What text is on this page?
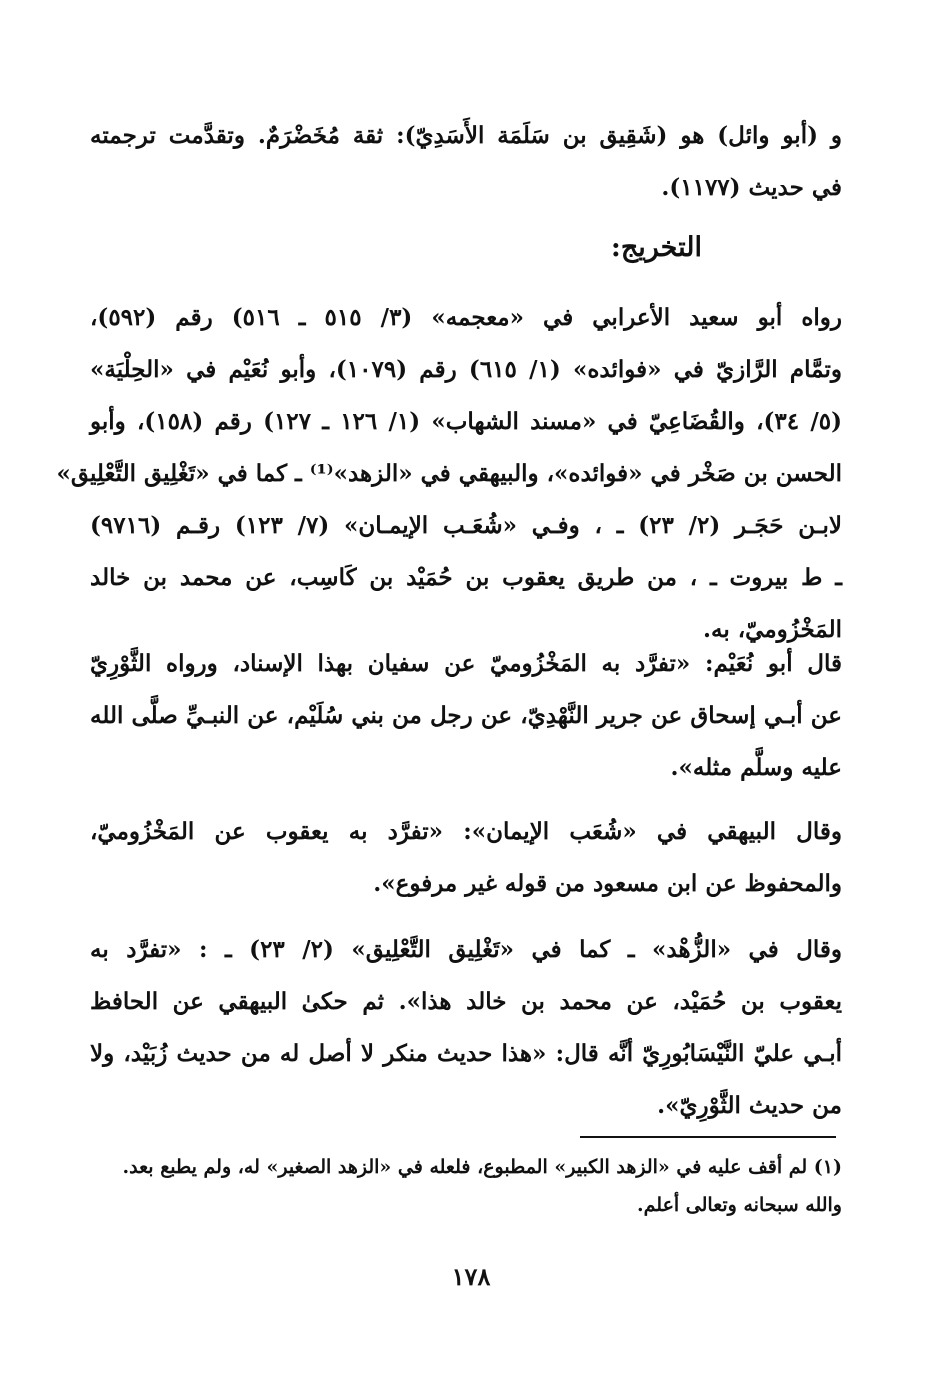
و (أبو وائل) هو (شَقِيق بن سَلَمَة الأَسَدِيّ): ثقة مُخَضْرَمٌ. وتقدَّمت ترجمته
في حديث (١١٧٧).

التخريج:

رواه أبو سعيد الأعرابي في «معجمه» (٣/ ٥١٥ ـ ٥١٦) رقم (٥٩٢)،
وتمَّام الرَّازيّ في «فوائده» (١/ ٦١٥) رقم (١٠٧٩)، وأبو نُعَيْم في «الحِلْيَة»
(٥/ ٣٤)، والقُضَاعِيّ في «مسند الشهاب» (١/ ١٢٦ ـ ١٢٧) رقم (١٥٨)، وأبو
الحسن بن صَخْر في «فوائده»، والبيهقي في «الزهد»⁽¹⁾ ـ كما في «تَغْلِيق التَّعْلِيق»
لابـن حَجَـر (٢/ ٢٣) ـ ، وفـي «شُعَـب الإيمـان» (٧/ ١٢٣) رقـم (٩٧١٦)
ـ ط بيروت ـ ، من طريق يعقوب بن حُمَيْد بن كَاسِب، عن محمد بن خالد
المَخْزُوميّ، به.

قال أبو نُعَيْم: «تفرَّد به المَخْزُوميّ عن سفيان بهذا الإسناد، ورواه الثَّوْرِيّ
عن أبـي إسحاق عن جرير النَّهْدِيّ، عن رجل من بني سُلَيْم، عن النبـيِّ صلَّى الله
عليه وسلَّم مثله».

وقال البيهقي في «شُعَب الإيمان»: «تفرَّد به يعقوب عن المَخْزُوميّ،
والمحفوظ عن ابن مسعود من قوله غير مرفوع».

وقال في «الزُّهْد» ـ كما في «تَغْلِيق التَّعْلِيق» (٢/ ٢٣) ـ : «تفرَّد به
يعقوب بن حُمَيْد، عن محمد بن خالد هذا». ثم حكىٰ البيهقي عن الحافظ
أبـي عليّ النَّيْسَابُورِيّ أنَّه قال: «هذا حديث منكر لا أصل له من حديث زُبَيْد، ولا
من حديث الثَّوْرِيّ».

(١) لم أقف عليه في «الزهد الكبير» المطبوع، فلعله في «الزهد الصغير» له، ولم يطبع بعد.
والله سبحانه وتعالى أعلم.

١٧٨
